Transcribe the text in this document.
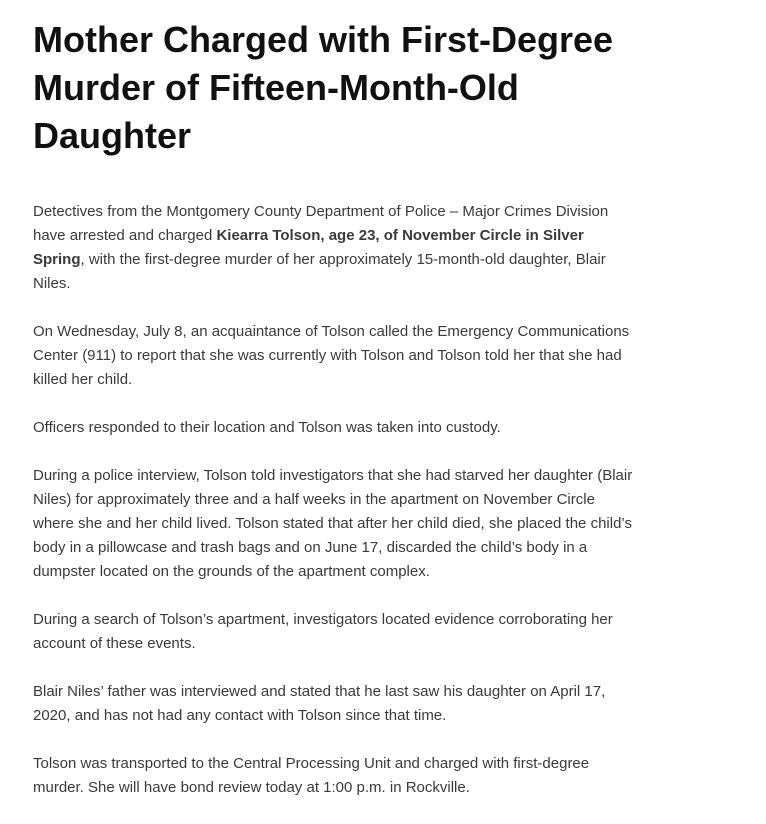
Mother Charged with First-Degree Murder of Fifteen-Month-Old Daughter

Detectives from the Montgomery County Department of Police – Major Crimes Division have arrested and charged Kiearra Tolson, age 23, of November Circle in Silver Spring, with the first-degree murder of her approximately 15-month-old daughter, Blair Niles.

On Wednesday, July 8, an acquaintance of Tolson called the Emergency Communications Center (911) to report that she was currently with Tolson and Tolson told her that she had killed her child.

Officers responded to their location and Tolson was taken into custody.

During a police interview, Tolson told investigators that she had starved her daughter (Blair Niles) for approximately three and a half weeks in the apartment on November Circle where she and her child lived. Tolson stated that after her child died, she placed the child’s body in a pillowcase and trash bags and on June 17, discarded the child’s body in a dumpster located on the grounds of the apartment complex.

During a search of Tolson’s apartment, investigators located evidence corroborating her account of these events.

Blair Niles’ father was interviewed and stated that he last saw his daughter on April 17, 2020, and has not had any contact with Tolson since that time.

Tolson was transported to the Central Processing Unit and charged with first-degree murder. She will have bond review today at 1:00 p.m. in Rockville.
